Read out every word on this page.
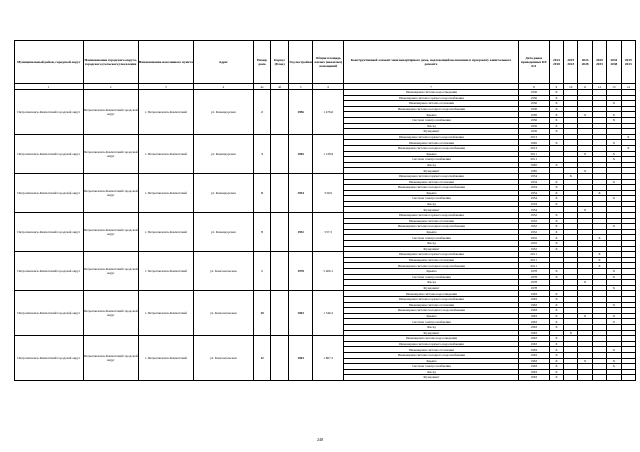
Муниципальный район, городской округ	Наименование городского округа, городского (сельского) поселения	Наименование населенного пункта	Адрес	Номер дома	Корпус (Блок)	Год постройки	Общая площадь жилых (нежилых) помещений	Конструктивный элемент многоквартирного дома, подлежащий включению в программу капитального ремонта	Дата ранее проведенных КР КЭ	2014 2018	2019 2023	2024 2028	2029 2033	2034 2038	2039 2043
1	2	3	4	4а	4б	5	6	7	8	9	10	11	12	13	14
Петропавловск-Камчатский городской округ	Петропавловск-Камчатский городской округ	г. Петропавловск-Камчатский	ул. Командорская	2		1956	1 476,0	Инженерная система водоотведения	1956	X					
								Инженерная система горячего водоснабжения	1956	X					
								Инженерная система отопления	1956	X				X	
								Инженерная система холодного водоснабжения	1956	X					
								Крыша	1956	X		X		X	
								Система электроснабжения	1956	X				X	
								Фасад	1956	X					
								Фундамент	1956	X					
Петропавловск-Камчатский городской округ	Петропавловск-Камчатский городской округ	г. Петропавловск-Камчатский	ул. Командорская	3		1965	1 128,9	Инженерная система горячего водоснабжения	2013						X
								Инженерная система отопления	1965	X				X	
								Инженерная система холодного водоснабжения	2013						X
								Крыша	2011			X		X	
								Система электроснабжения	2011					X	
								Фасад	1965	X					
								Фундамент	1965			X			
Петропавловск-Камчатский городской округ	Петропавловск-Камчатский городской округ	г. Петропавловск-Камчатский	ул. Командорская	8		1954	530,9	Инженерная система горячего водоснабжения	1954		X				
								Инженерная система отопления	1954	X				X	
								Инженерная система холодного водоснабжения	1954	X					
								Крыша	1954	X			X		
								Система электроснабжения	1954	X				X	
								Фасад	1954	X					
								Фундамент	1954			X			
Петропавловск-Камчатский городской округ	Петропавловск-Камчатский городской округ	г. Петропавловск-Камчатский	ул. Командорская	9		1952	537,3	Инженерная система горячего водоснабжения	1952	X					
								Инженерная система отопления	1952	X					
								Инженерная система холодного водоснабжения	1952	X				X	
								Крыша	1952	X					
								Система электроснабжения	1952	X			X		
								Фасад	1952	X					
								Фундамент	1952	X					
Петропавловск-Камчатский городской округ	Петропавловск-Камчатский городской округ	г. Петропавловск-Камчатский	ул. Комсомольская	1		1978	5 406,1	Инженерная система горячего водоснабжения	2011				X		
								Инженерная система отопления	2011				X		
								Инженерная система холодного водоснабжения	2011				X		
								Крыша	1978	X				X	
								Система электроснабжения	1978	X				X	
								Фасад	1978			X			
								Фундамент	1978					X	
Петропавловск-Камчатский городской округ	Петропавловск-Камчатский городской округ	г. Петропавловск-Камчатский	ул. Комсомольская	10		1963	1 546,2	Инженерная система водоотведения	1963	X					
								Инженерная система горячего водоснабжения	1963	X					
								Инженерная система отопления	1963	X				X	
								Инженерная система холодного водоснабжения	1963	X					
								Крыша	1963	X		X		X	
								Система электроснабжения	1963	X				X	
								Фасад	1963	X					
								Фундамент	1963		X				
Петропавловск-Камчатский городской округ	Петропавловск-Камчатский городской округ	г. Петропавловск-Камчатский	ул. Комсомольская	12		1963	1 807,5	Инженерная система водоотведения	1963	X					
								Инженерная система горячего водоснабжения	1963	X					
								Инженерная система отопления	1963	X				X	
								Инженерная система холодного водоснабжения	1963	X					
								Крыша	1963	X		X		X	
								Система электроснабжения	1963	X				X	
								Фасад	1963	X					
								Фундамент	1963	X					
248
